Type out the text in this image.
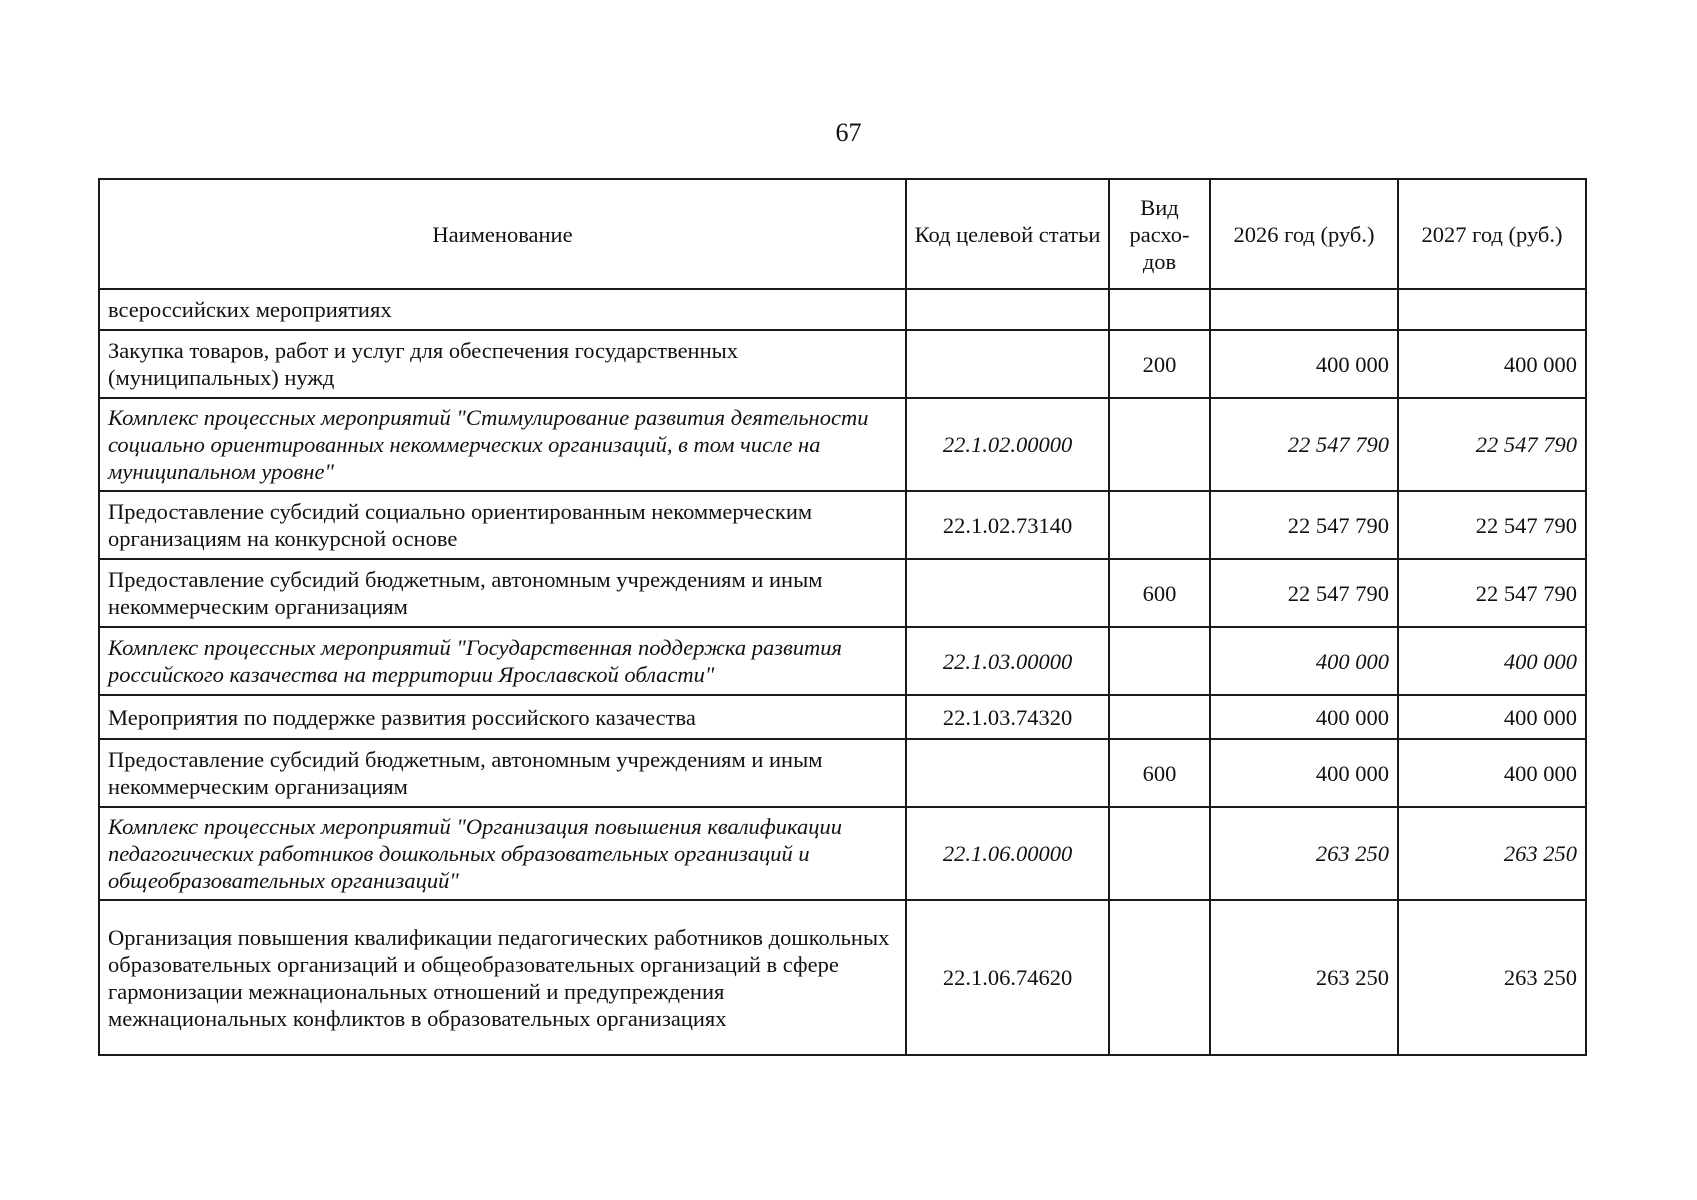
67
Наименование	Код целевой статьи	Вид расхо-дов	2026 год (руб.)	2027 год (руб.)
всероссийских мероприятиях				
Закупка товаров, работ и услуг для обеспечения государственных (муниципальных) нужд		200	400 000	400 000
Комплекс процессных мероприятий "Стимулирование развития деятельности социально ориентированных некоммерческих организаций, в том числе на муниципальном уровне"	22.1.02.00000		22 547 790	22 547 790
Предоставление субсидий социально ориентированным некоммерческим организациям на конкурсной основе	22.1.02.73140		22 547 790	22 547 790
Предоставление субсидий бюджетным, автономным учреждениям и иным некоммерческим организациям		600	22 547 790	22 547 790
Комплекс процессных мероприятий "Государственная поддержка развития российского казачества на территории Ярославской области"	22.1.03.00000		400 000	400 000
Мероприятия по поддержке развития российского казачества	22.1.03.74320		400 000	400 000
Предоставление субсидий бюджетным, автономным учреждениям и иным некоммерческим организациям		600	400 000	400 000
Комплекс процессных мероприятий "Организация повышения квалификации педагогических работников дошкольных образовательных организаций и общеобразовательных организаций"	22.1.06.00000		263 250	263 250
Организация повышения квалификации педагогических работников дошкольных образовательных организаций и общеобразовательных организаций в сфере гармонизации межнациональных отношений и предупреждения межнациональных конфликтов в образовательных организациях	22.1.06.74620		263 250	263 250
